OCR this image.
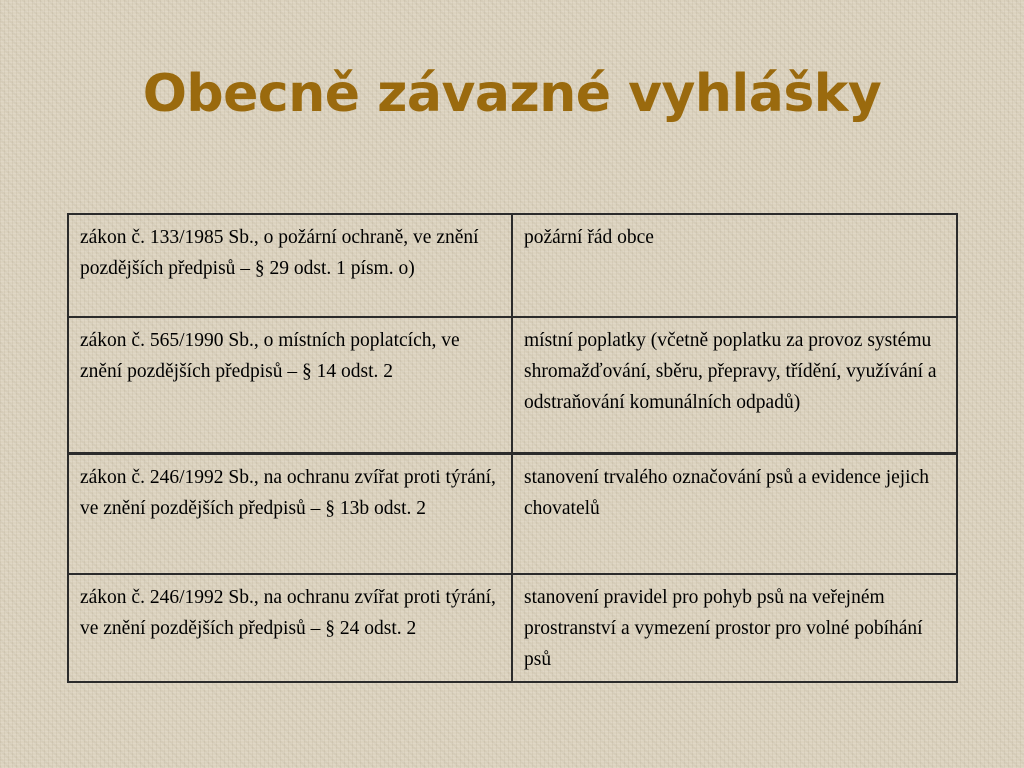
Obecně závazné vyhlášky
zákon č. 133/1985 Sb., o požární ochraně, ve znění pozdějších předpisů – § 29 odst. 1 písm. o)	požární řád obce
zákon č. 565/1990 Sb., o místních poplatcích, ve znění pozdějších předpisů – § 14 odst. 2	místní poplatky (včetně poplatku za provoz systému shromažďování, sběru, přepravy, třídění, využívání a odstraňování komunálních odpadů)
zákon č. 246/1992 Sb., na ochranu zvířat proti týrání, ve znění pozdějších předpisů – § 13b odst. 2	stanovení trvalého označování psů a evidence jejich chovatelů
zákon č. 246/1992 Sb., na ochranu zvířat proti týrání, ve znění pozdějších předpisů – § 24 odst. 2	stanovení pravidel pro pohyb psů na veřejném prostranství a vymezení prostor pro volné pobíhání psů
